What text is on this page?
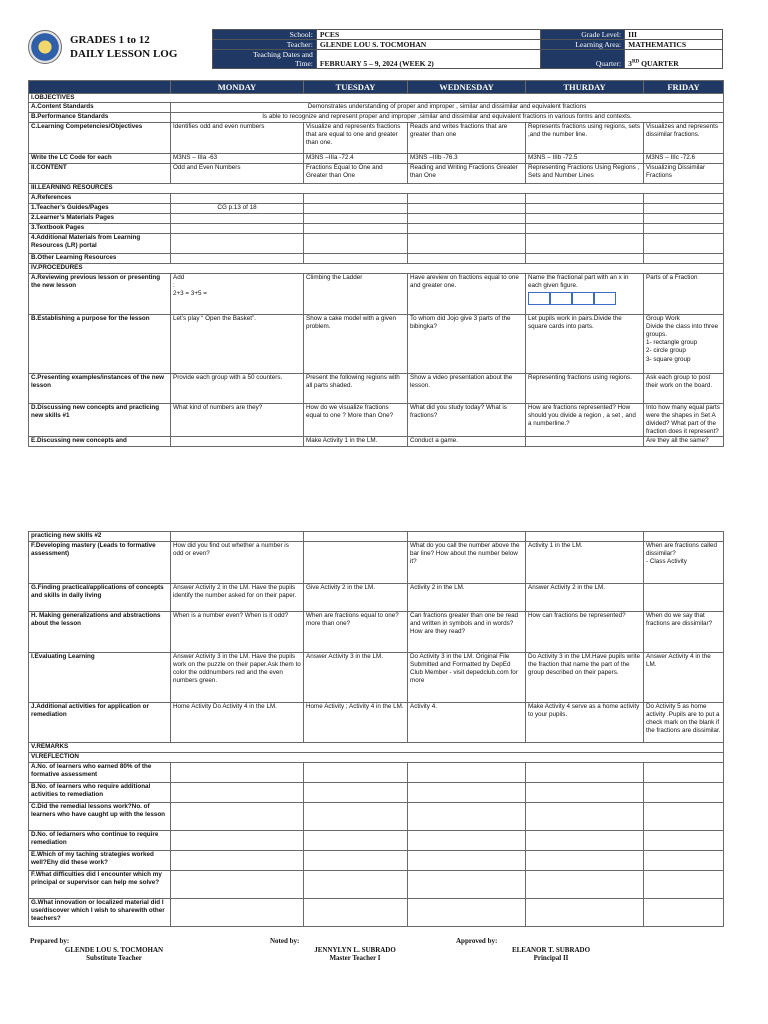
GRADES 1 to 12
DAILY LESSON LOG
School:	PCES	Grade Level:	III
Teacher:	GLENDE LOU S. TOCMOHAN	Learning Area:	MATHEMATICS
Teaching Dates and
Time:	FEBRUARY 5 – 9, 2024 (WEEK 2)	Quarter:	3RD QUARTER
	MONDAY	TUESDAY	WEDNESDAY	THURDAY	FRIDAY
I.OBJECTIVES					
A.Content Standards	Demonstrates understanding of proper and improper , similar and dissimilar and equivalent fractions				
B.Performance Standards	Is able to recognize and represent proper and improper ,similar and dissimilar and equivalent fractions in various forms and contexts.				
C.Learning Competencies/Objectives	Identifies odd and even numbers	Visualize and represents fractions that are equal to one and greater than one.	Reads and writes fractions that are greater than one	Represents fractions using regions, sets ,and the number line.	Visualizes and represents dissimilar fractions.
Write the LC Code for each	M3NS – IIIa -63	M3NS –IIIa -72.4	M3NS –IIIb -76.3	M3NS – IIIb -72.5	M3NS – IIIc -72.6
II.CONTENT	Odd and Even Numbers	Fractions Equal to One and Greater than One	Reading and Writing Fractions Greater than One	Representing Fractions Using Regions , Sets and Number Lines	Visualizing Dissimilar Fractions
III.LEARNING RESOURCES					
A.References					
1.Teacher’s Guides/Pages	CG p.13 of 18				
2.Learner’s Materials Pages					
3.Textbook Pages					
4.Additional Materials from Learning Resources (LR) portal					
B.Other Learning Resources					
IV.PROCEDURES					
A.Reviewing previous lesson or presenting the new lesson	Add
:
2+3 = 3+5 =	Climbing the Ladder	Have areview on fractions equal to one and greater one.	Name the fractional part with an x in each given figure.	Parts of a Fraction
B.Establishing a purpose for the lesson	Let’s play “ Open the Basket”.	Show a cake model with a given problem.	To whom did Jojo give 3 parts of the bibingka?	Let pupils work in pairs.Divide the square cards into parts.	Group Work
Divide the class into three groups.
1- rectangle group
2- circle group
3- square group

C.Presenting examples/instances of the new lesson	Provide each group with a 50 counters.	Present the following regions with all parts shaded.	Show a video presentation about the lesson.	Representing fractions using regions.	Ask each group to post their work on the board.
D.Discussing new concepts and practicing new skills #1	What kind of numbers are they?	How do we visualize fractions equal to one ? More than One?	What did you study today? What is fractions?	How are fractions represented? How should you divide a region , a set , and a numberline.?	Into how many equal parts were the shapes in Set A divided? What part of the fraction does it represent?
E.Discussing new concepts and		Make Activity 1 in the LM.	Conduct a game.		Are they all the same?
practicing new skills #2					
F.Developing mastery (Leads to formative assessment)	How did you find out whether a number is odd or even?		What do you call the number above the bar line? How about the number below it?	Activity 1 in the LM.	When are fractions called dissimilar?
- Class Activity

G.Finding practical/applications of concepts and skills in daily living	Answer Activity 2 in the LM. Have the pupils identify the number asked for on their paper.	Give Activity 2 in the LM.	Activity 2 in the LM.	Answer Activity 2 in the LM.	
H. Making generalizations and abstractions about the lesson	When is a number even? When is it odd?	When are fractions equal to one?more than one?	Can fractions greater than one be read and written in symbols and in words?How are they read?	How can fractions be represented?	When do we say that fractions are dissimilar?
I.Evaluating Learning	Answer Activity 3 in the LM. Have the pupils work on the puzzle on their paper.Ask them to color the oddnumbers red and the even numbers green.	Answer Activity 3 in the LM.	Do Activity 3 in the LM. Original File Submitted and Formatted by DepEd Club Member - visit depedclub.com for more	Do Activity 3 in the LM.Have pupils write the fraction that name the part of the group described on their papers.	Answer Activity 4 in the LM.
J.Additional activities for application or remediation	Home Activity Do Activity 4 in the LM.	Home Activity ; Activity 4 in the LM.	Activity 4.	Make Activity 4 serve as a home activity to your pupils.	Do Activity 5 as home activity .Pupils are to put a check mark on the blank if the fractions are dissimilar.
V.REMARKS					
VI.REFLECTION					
A.No. of learners who earned 80% of the formative assessment					
B.No. of learners who require additional activities to remediation					
C.Did the remedial lessons work?No. of learners who have caught up with the lesson					
D.No. of ledarners who continue to require remediation					
E.Which of my taching strategies worked well?Ehy did these work?					
F.What difficulties did I encounter which my principal or supervisor can help me solve?					
G.What innovation or localized material did I use/discover which I wish to sharewith other teachers?					
Prepared by:
GLENDE LOU S. TOCMOHAN
Substitute Teacher
Noted by:
JENNYLYN L. SUBRADO
Master Teacher I
Approved by:
ELEANOR T. SUBRADO
Principal II
